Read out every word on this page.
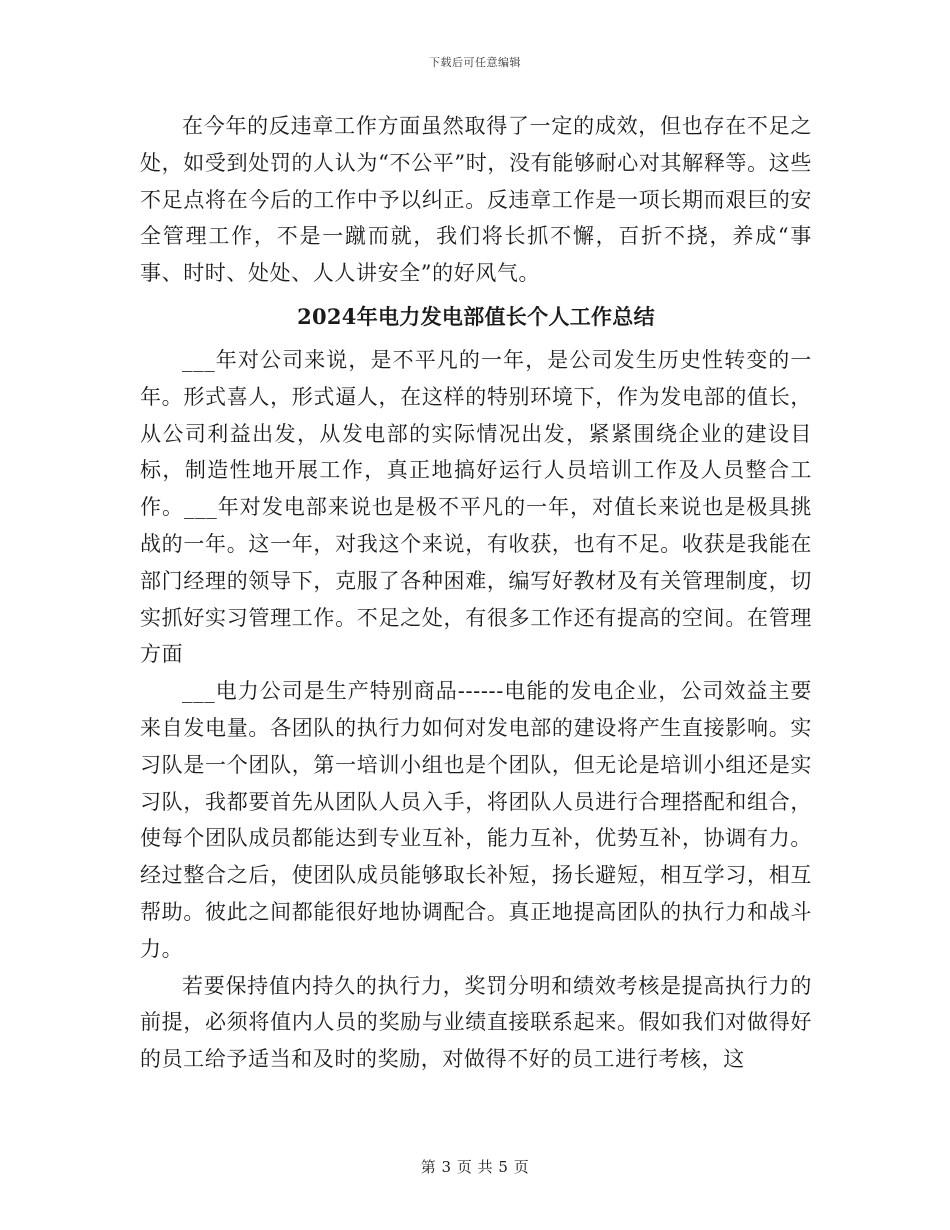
下载后可任意编辑

在今年的反违章工作方面虽然取得了一定的成效，但也存在不足之处，如受到处罚的人认为“不公平”时，没有能够耐心对其解释等。这些不足点将在今后的工作中予以纠正。反违章工作是一项长期而艰巨的安全管理工作，不是一蹴而就，我们将长抓不懈，百折不挠，养成“事事、时时、处处、人人讲安全”的好风气。

2024年电力发电部值长个人工作总结

___年对公司来说，是不平凡的一年，是公司发生历史性转变的一年。形式喜人，形式逼人，在这样的特别环境下，作为发电部的值长，从公司利益出发，从发电部的实际情况出发，紧紧围绕企业的建设目标，制造性地开展工作，真正地搞好运行人员培训工作及人员整合工作。___年对发电部来说也是极不平凡的一年，对值长来说也是极具挑战的一年。这一年，对我这个来说，有收获，也有不足。收获是我能在部门经理的领导下，克服了各种困难，编写好教材及有关管理制度，切实抓好实习管理工作。不足之处，有很多工作还有提高的空间。在管理方面

___电力公司是生产特别商品------电能的发电企业，公司效益主要来自发电量。各团队的执行力如何对发电部的建设将产生直接影响。实习队是一个团队，第一培训小组也是个团队，但无论是培训小组还是实习队，我都要首先从团队人员入手，将团队人员进行合理搭配和组合，使每个团队成员都能达到专业互补，能力互补，优势互补，协调有力。经过整合之后，使团队成员能够取长补短，扬长避短，相互学习，相互帮助。彼此之间都能很好地协调配合。真正地提高团队的执行力和战斗力。

若要保持值内持久的执行力，奖罚分明和绩效考核是提高执行力的前提，必须将值内人员的奖励与业绩直接联系起来。假如我们对做得好的员工给予适当和及时的奖励，对做得不好的员工进行考核，这

第 3 页 共 5 页
